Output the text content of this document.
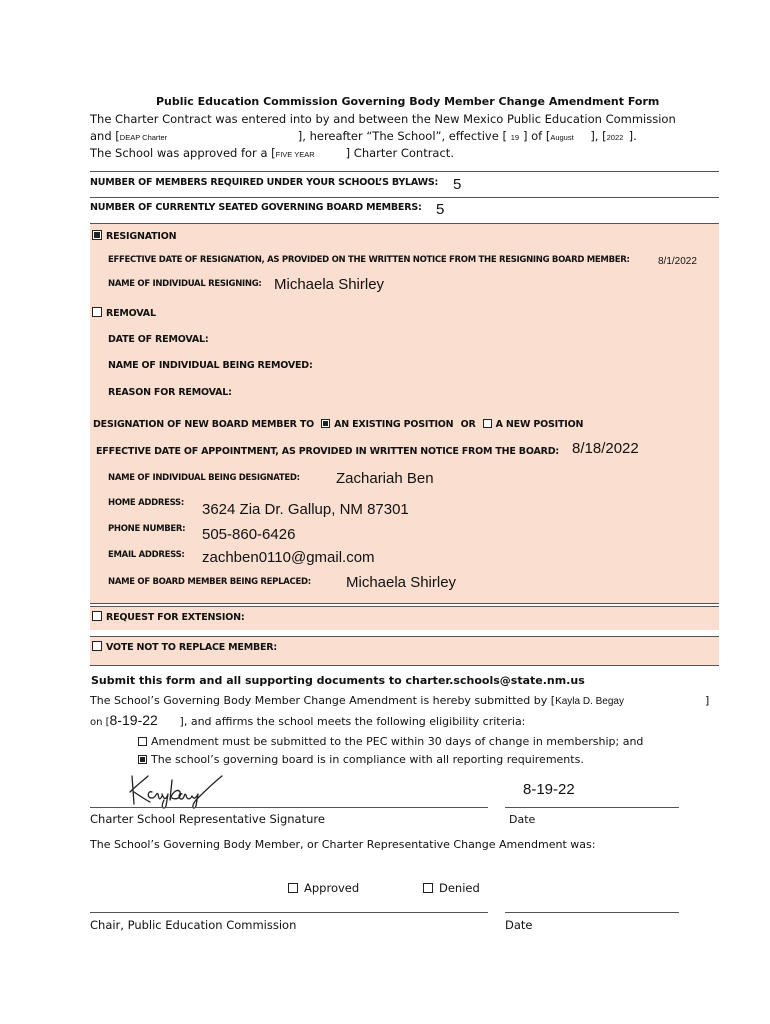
Public Education Commission Governing Body Member Change Amendment Form
The Charter Contract was entered into by and between the New Mexico Public Education Commission
and [DEAP Charter	], hereafter “The School”, effective [ 19 ] of [August ], [2022 ].
The School was approved for a [FIVE YEAR	] Charter Contract.
NUMBER OF MEMBERS REQUIRED UNDER YOUR SCHOOL’S BYLAWS: 5
NUMBER OF CURRENTLY SEATED GOVERNING BOARD MEMBERS: 5
RESIGNATION
EFFECTIVE DATE OF RESIGNATION, AS PROVIDED ON THE WRITTEN NOTICE FROM THE RESIGNING BOARD MEMBER:	8/1/2022
NAME OF INDIVIDUAL RESIGNING: Michaela Shirley
REMOVAL
DATE OF REMOVAL:
NAME OF INDIVIDUAL BEING REMOVED:
REASON FOR REMOVAL:
DESIGNATION OF NEW BOARD MEMBER TO AN EXISTING POSITION OR A NEW POSITION
EFFECTIVE DATE OF APPOINTMENT, AS PROVIDED IN WRITTEN NOTICE FROM THE BOARD: 8/18/2022
NAME OF INDIVIDUAL BEING DESIGNATED: Zachariah Ben
HOME ADDRESS: 3624 Zia Dr. Gallup, NM 87301
PHONE NUMBER: 505-860-6426
EMAIL ADDRESS: zachben0110@gmail.com
NAME OF BOARD MEMBER BEING REPLACED: Michaela Shirley
REQUEST FOR EXTENSION:
VOTE NOT TO REPLACE MEMBER:
Submit this form and all supporting documents to charter.schools@state.nm.us
The School’s Governing Body Member Change Amendment is hereby submitted by [Kayla D. Begay	]
on [8-19-22 ], and affirms the school meets the following eligibility criteria:
Amendment must be submitted to the PEC within 30 days of change in membership; and
The school’s governing board is in compliance with all reporting requirements.
8-19-22
Charter School Representative Signature	Date
The School’s Governing Body Member, or Charter Representative Change Amendment was:
Approved	Denied
Chair, Public Education Commission	Date
